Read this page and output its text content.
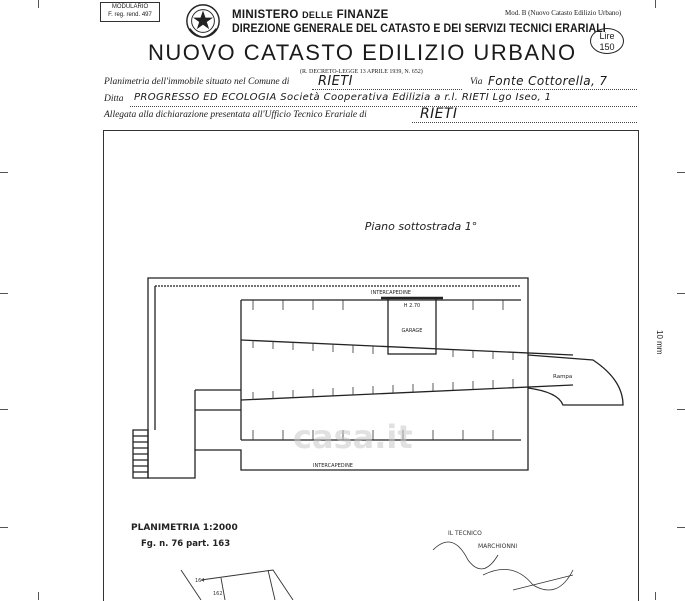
MODULARIO
F. reg. rend. 497	MINISTERO DELLE FINANZE
DIREZIONE GENERALE DEL CATASTO E DEI SERVIZI TECNICI ERARIALI
Mod. B (Nuovo Catasto Edilizio Urbano)
Lire
150
NUOVO CATASTO EDILIZIO URBANO
(R. DECRETO-LEGGE 13 APRILE 1939, N. 652)
Planimetria dell'immobile situato nel Comune di RIETI	Via Fonte Cottorella, 7
Ditta PROGRESSO ED ECOLOGIA Società Cooperativa Edilizia a r.l. RIETI Lgo Iseo, 1
Allegata alla dichiarazione presentata all'Ufficio Tecnico Erariale di	RIETI
10 mm
Piano sottostrada 1°
INTERCAPEDINE
H 2.70
GARAGE
Rampa
INTERCAPEDINE
PLANIMETRIA 1:2000
Fg. n. 76 part. 163
164
162
IL TECNICO
MARCHIONNI
casa.it
